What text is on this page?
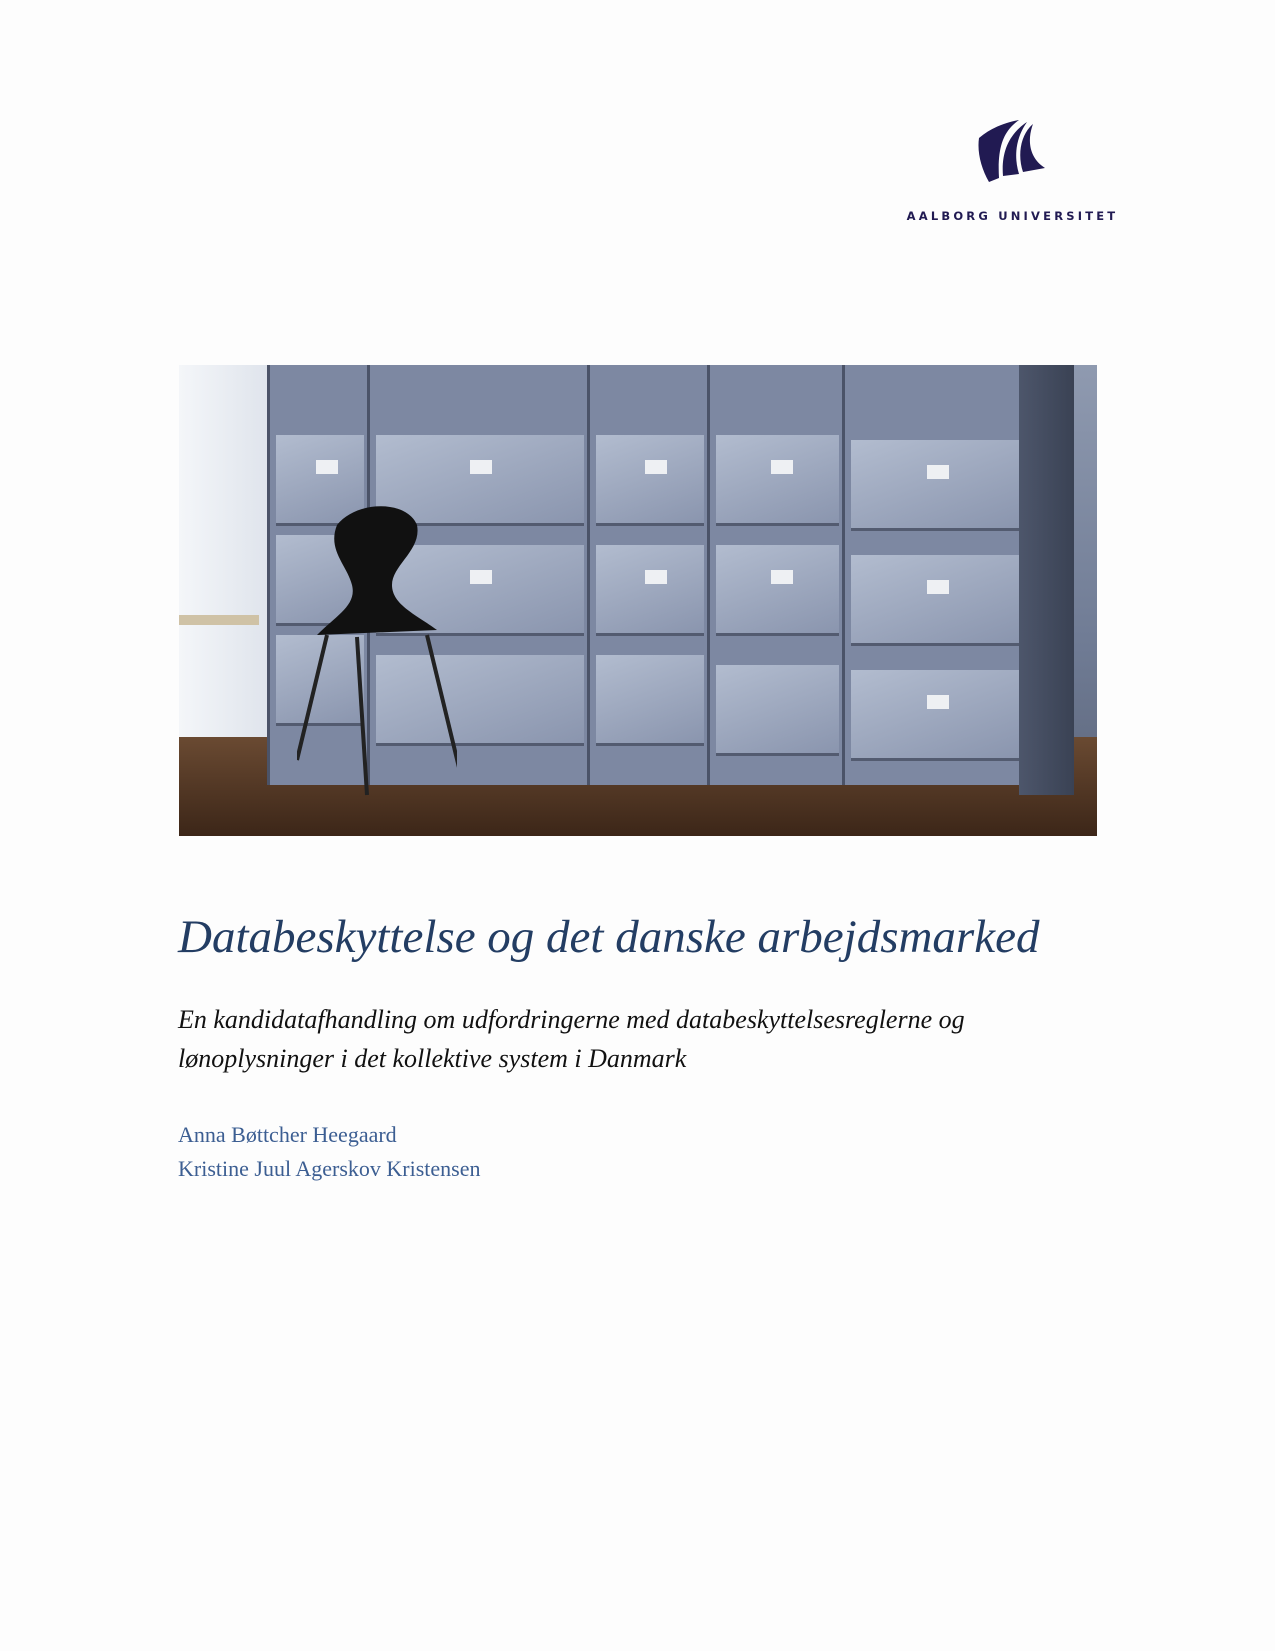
AALBORG UNIVERSITET
Databeskyttelse og det danske arbejdsmarked
En kandidatafhandling om udfordringerne med databeskyttelsesreglerne og
lønoplysninger i det kollektive system i Danmark
Anna Bøttcher Heegaard
Kristine Juul Agerskov Kristensen
